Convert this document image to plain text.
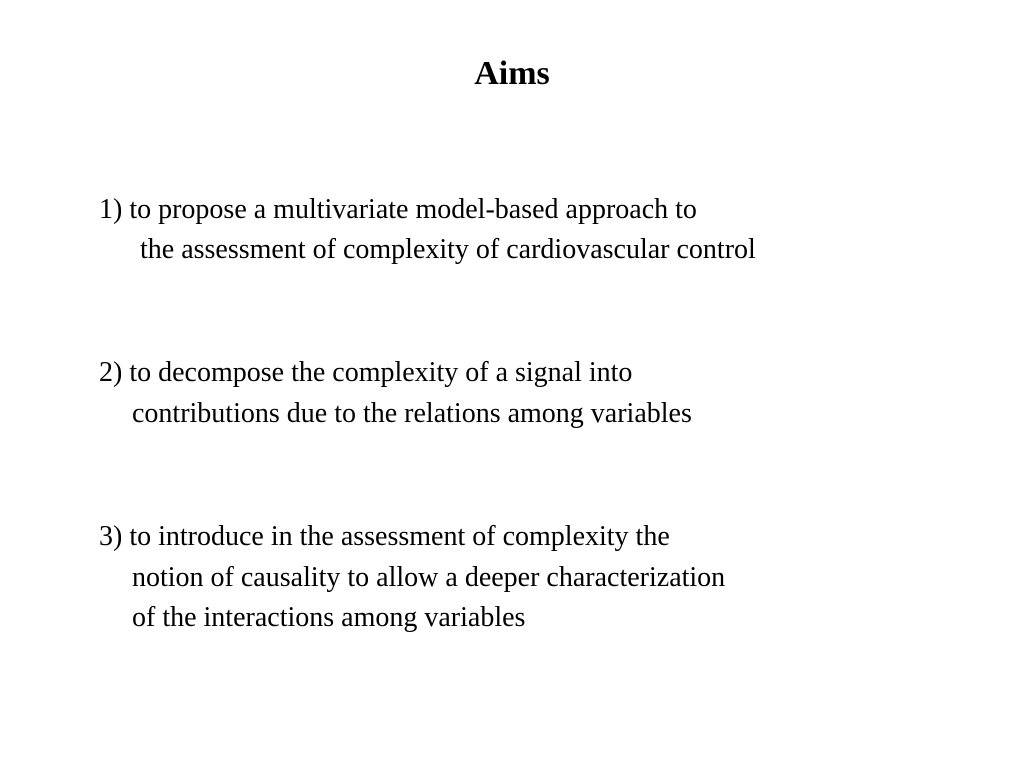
Aims
1) to propose a multivariate model-based approach to
the assessment of complexity of cardiovascular control
2) to decompose the complexity of a signal into
contributions due to the relations among variables
3) to introduce in the assessment of complexity the
notion of causality to allow a deeper characterization
of the interactions among variables
